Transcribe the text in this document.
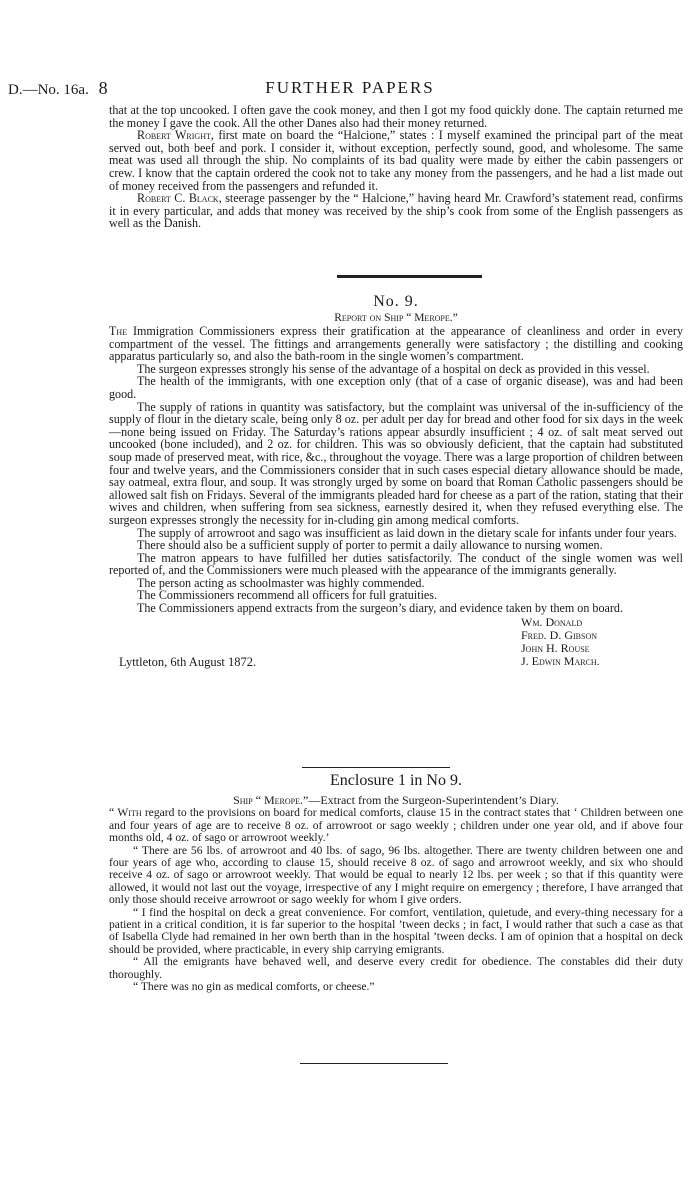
D.—No. 16a. 8	FURTHER PAPERS

that at the top uncooked. I often gave the cook money, and then I got my food quickly done. The captain returned me the money I gave the cook. All the other Danes also had their money returned.

Robert Wright, first mate on board the “Halcione,” states : I myself examined the principal part of the meat served out, both beef and pork. I consider it, without exception, perfectly sound, good, and wholesome. The same meat was used all through the ship. No complaints of its bad quality were made by either the cabin passengers or crew. I know that the captain ordered the cook not to take any money from the passengers, and he had a list made out of money received from the passengers and refunded it.

Robert C. Black, steerage passenger by the “ Halcione,” having heard Mr. Crawford’s statement read, confirms it in every particular, and adds that money was received by the ship’s cook from some of the English passengers as well as the Danish.

No. 9.
Report on Ship “ Merope.”

The Immigration Commissioners express their gratification at the appearance of cleanliness and order in every compartment of the vessel. The fittings and arrangements generally were satisfactory ; the distilling and cooking apparatus particularly so, and also the bath-room in the single women’s compartment.

The surgeon expresses strongly his sense of the advantage of a hospital on deck as provided in this vessel.

The health of the immigrants, with one exception only (that of a case of organic disease), was and had been good.

The supply of rations in quantity was satisfactory, but the complaint was universal of the in-sufficiency of the supply of flour in the dietary scale, being only 8 oz. per adult per day for bread and other food for six days in the week—none being issued on Friday. The Saturday’s rations appear absurdly insufficient ; 4 oz. of salt meat served out uncooked (bone included), and 2 oz. for children. This was so obviously deficient, that the captain had substituted soup made of preserved meat, with rice, &c., throughout the voyage. There was a large proportion of children between four and twelve years, and the Commissioners consider that in such cases especial dietary allowance should be made, say oatmeal, extra flour, and soup. It was strongly urged by some on board that Roman Catholic passengers should be allowed salt fish on Fridays. Several of the immigrants pleaded hard for cheese as a part of the ration, stating that their wives and children, when suffering from sea sickness, earnestly desired it, when they refused everything else. The surgeon expresses strongly the necessity for in-cluding gin among medical comforts.

The supply of arrowroot and sago was insufficient as laid down in the dietary scale for infants under four years.

There should also be a sufficient supply of porter to permit a daily allowance to nursing women.

The matron appears to have fulfilled her duties satisfactorily. The conduct of the single women was well reported of, and the Commissioners were much pleased with the appearance of the immigrants generally.

The person acting as schoolmaster was highly commended.

The Commissioners recommend all officers for full gratuities.

The Commissioners append extracts from the surgeon’s diary, and evidence taken by them on board.

Wm. Donald
Fred. D. Gibson
John H. Rouse
J. Edwin March.
Lyttleton, 6th August 1872.
Enclosure 1 in No 9.
Ship “ Merope.”—Extract from the Surgeon-Superintendent’s Diary.

“ With regard to the provisions on board for medical comforts, clause 15 in the contract states that ‘ Children between one and four years of age are to receive 8 oz. of arrowroot or sago weekly ; children under one year old, and if above four months old, 4 oz. of sago or arrowroot weekly.’

“ There are 56 lbs. of arrowroot and 40 lbs. of sago, 96 lbs. altogether. There are twenty children between one and four years of age who, according to clause 15, should receive 8 oz. of sago and arrowroot weekly, and six who should receive 4 oz. of sago or arrowroot weekly. That would be equal to nearly 12 lbs. per week ; so that if this quantity were allowed, it would not last out the voyage, irrespective of any I might require on emergency ; therefore, I have arranged that only those should receive arrowroot or sago weekly for whom I give orders.

“ I find the hospital on deck a great convenience. For comfort, ventilation, quietude, and every-thing necessary for a patient in a critical condition, it is far superior to the hospital ’tween decks ; in fact, I would rather that such a case as that of Isabella Clyde had remained in her own berth than in the hospital ’tween decks. I am of opinion that a hospital on deck should be provided, where practicable, in every ship carrying emigrants.

“ All the emigrants have behaved well, and deserve every credit for obedience. The constables did their duty thoroughly.

“ There was no gin as medical comforts, or cheese.”
